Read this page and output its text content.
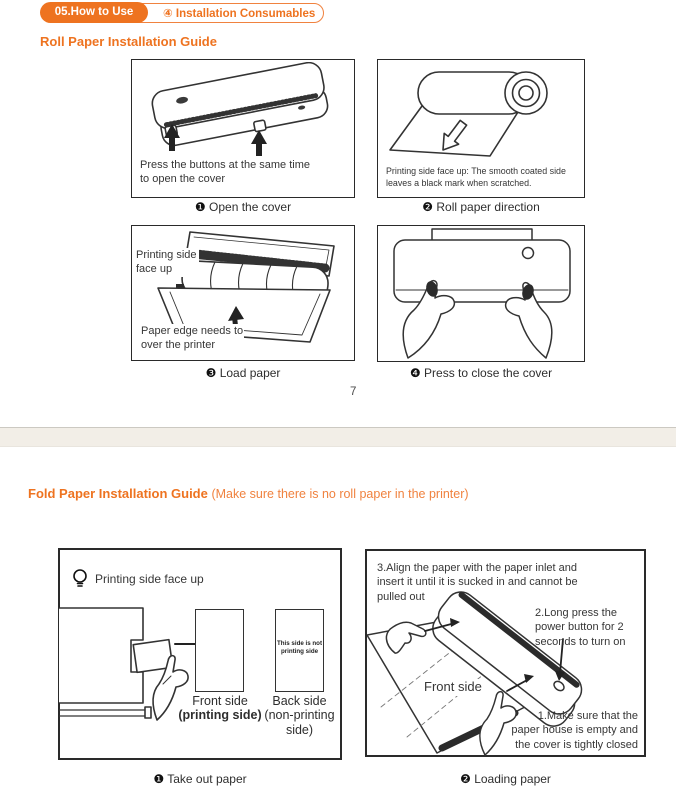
④ Installation Consumables
05.How to Use
Roll Paper Installation Guide
Press the buttons at the same time
to open the cover
❶ Open the cover
Printing side face up: The smooth coated side
leaves a black mark when scratched.
❷ Roll paper direction
Printing side
face up
Paper edge needs to
over the printer
❸ Load paper	❹ Press to close the cover
7
Fold Paper Installation Guide (Make sure there is no roll paper in the printer)
Printing side face up
This side is not
printing side
Front side
(printing side)
Back side
(non-printing
side)
❶ Take out paper
3.Align the paper with the paper inlet and
insert it until it is sucked in and cannot be
pulled out
2.Long press the
power button for 2
seconds to turn on
Front side
1.Make sure that the
paper house is empty and
the cover is tightly closed
❷ Loading paper
